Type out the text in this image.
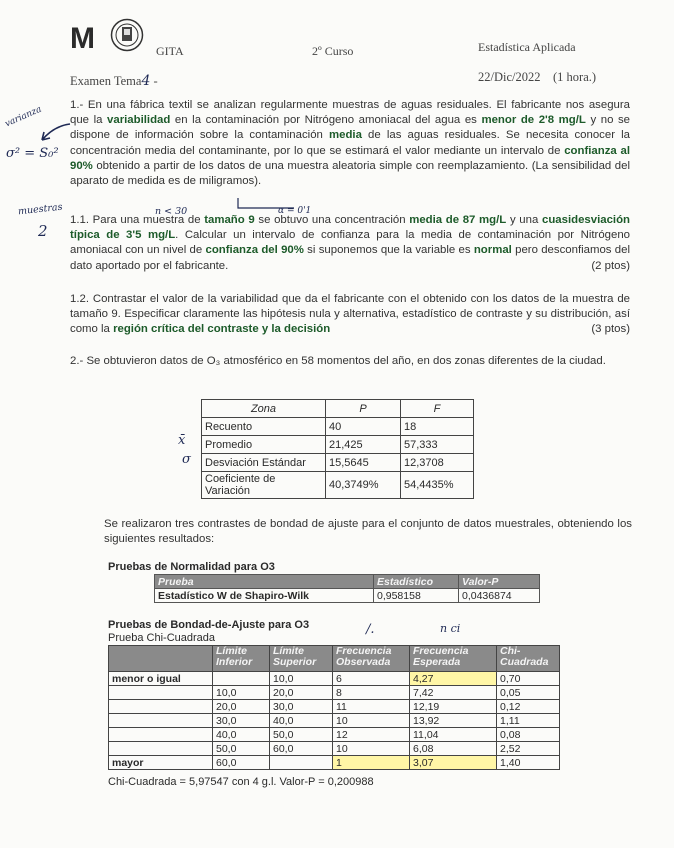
M	GITA	2º Curso	Estadística Aplicada
Examen Tema4 -	22/Dic/2022 (1 hora.)
varianza
σ² = S₀²
muestras
2
n < 30	α = 0'1
1.- En una fábrica textil se analizan regularmente muestras de aguas residuales. El fabricante nos asegura que la variabilidad en la contaminación por Nitrógeno amoniacal del agua es menor de 2'8 mg/L y no se dispone de información sobre la contaminación media de las aguas residuales. Se necesita conocer la concentración media del contaminante, por lo que se estimará el valor mediante un intervalo de confianza al 90% obtenido a partir de los datos de una muestra aleatoria simple con reemplazamiento. (La sensibilidad del aparato de medida es de miligramos).
1.1. Para una muestra de tamaño 9 se obtuvo una concentración media de 87 mg/L y una cuasidesviación típica de 3'5 mg/L. Calcular un intervalo de confianza para la media de contaminación por Nitrógeno amoniacal con un nivel de confianza del 90% si suponemos que la variable es normal pero desconfiamos del dato aportado por el fabricante.	(2 ptos)
1.2. Contrastar el valor de la variabilidad que da el fabricante con el obtenido con los datos de la muestra de tamaño 9. Especificar claramente las hipótesis nula y alternativa, estadístico de contraste y su distribución, así como la región crítica del contraste y la decisión	(3 ptos)
2.- Se obtuvieron datos de O₃ atmosférico en 58 momentos del año, en dos zonas diferentes de la ciudad.
x̄
σ
Zona	P	F
Recuento	40	18
Promedio	21,425	57,333
Desviación Estándar	15,5645	12,3708
Coeficiente de Variación	40,3749%	54,4435%
Se realizaron tres contrastes de bondad de ajuste para el conjunto de datos muestrales, obteniendo los siguientes resultados:
Pruebas de Normalidad para O3
Prueba	Estadístico	Valor-P
Estadístico W de Shapiro-Wilk	0,958158	0,0436874
Pruebas de Bondad-de-Ajuste para O3
Prueba Chi-Cuadrada
/.	n ci
	Límite Inferior	Límite Superior	Frecuencia Observada	Frecuencia Esperada	Chi-Cuadrada
menor o igual		10,0	6	4,27	0,70
	10,0	20,0	8	7,42	0,05
	20,0	30,0	11	12,19	0,12
	30,0	40,0	10	13,92	1,11
	40,0	50,0	12	11,04	0,08
	50,0	60,0	10	6,08	2,52
mayor	60,0		1	3,07	1,40
Chi-Cuadrada = 5,97547 con 4 g.l. Valor-P = 0,200988
